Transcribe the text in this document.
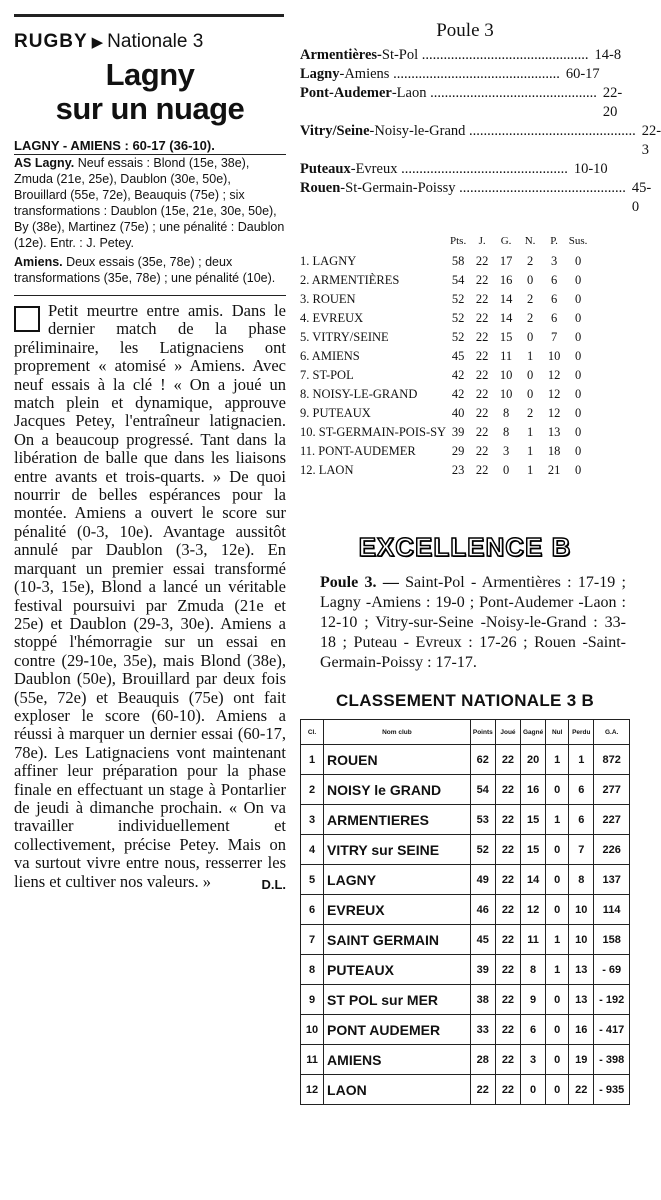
RUGBY ▶ Nationale 3
Lagny
sur un nuage
LAGNY - AMIENS : 60-17 (36-10).

AS Lagny. Neuf essais : Blond (15e, 38e), Zmuda (21e, 25e), Daublon (30e, 50e), Brouillard (55e, 72e), Beauquis (75e) ; six transformations : Daublon (15e, 21e, 30e, 50e), By (38e), Martinez (75e) ; une pénalité : Daublon (12e). Entr. : J. Petey.

Amiens. Deux essais (35e, 78e) ; deux transformations (35e, 78e) ; une pénalité (10e).

Petit meurtre entre amis. Dans le dernier match de la phase préliminaire, les Latignaciens ont proprement « atomisé » Amiens. Avec neuf essais à la clé ! « On a joué un match plein et dynamique, approuve Jacques Petey, l'entraîneur latignacien. On a beaucoup progressé. Tant dans la libération de balle que dans les liaisons entre avants et trois-quarts. » De quoi nourrir de belles espérances pour la montée. Amiens a ouvert le score sur pénalité (0-3, 10e). Avantage aussitôt annulé par Daublon (3-3, 12e). En marquant un premier essai transformé (10-3, 15e), Blond a lancé un véritable festival poursuivi par Zmuda (21e et 25e) et Daublon (29-3, 30e). Amiens a stoppé l'hémorragie sur un essai en contre (29-10e, 35e), mais Blond (38e), Daublon (50e), Brouillard par deux fois (55e, 72e) et Beauquis (75e) ont fait exploser le score (60-10). Amiens a réussi à marquer un dernier essai (60-17, 78e). Les Latignaciens vont maintenant affiner leur préparation pour la phase finale en effectuant un stage à Pontarlier de jeudi à dimanche prochain. « On va travailler individuellement et collectivement, précise Petey. Mais on va surtout vivre entre nous, resserrer les liens et cultiver nos valeurs. »	D.L.
Poule 3
Armentières-St-Pol .............................................. 14-8
Lagny-Amiens .............................................. 60-17
Pont-Audemer-Laon .............................................. 22-20
Vitry/Seine-Noisy-le-Grand .............................................. 22-3
Puteaux-Evreux .............................................. 10-10
Rouen-St-Germain-Poissy .............................................. 45-0
	Pts.	J.	G.	N.	P.	Sus.
1. LAGNY	58	22	17	2	3	0
2. ARMENTIÈRES	54	22	16	0	6	0
3. ROUEN	52	22	14	2	6	0
4. EVREUX	52	22	14	2	6	0
5. VITRY/SEINE	52	22	15	0	7	0
6. AMIENS	45	22	11	1	10	0
7. ST-POL	42	22	10	0	12	0
8. NOISY-LE-GRAND	42	22	10	0	12	0
9. PUTEAUX	40	22	8	2	12	0
10. ST-GERMAIN-POIS-SY	39	22	8	1	13	0
11. PONT-AUDEMER	29	22	3	1	18	0
12. LAON	23	22	0	1	21	0
EXCELLENCE B
Poule 3. — Saint-Pol - Armentières : 17-19 ; Lagny -Amiens : 19-0 ; Pont-Audemer -Laon : 12-10 ; Vitry-sur-Seine -Noisy-le-Grand : 33-18 ; Puteau - Evreux : 17-26 ; Rouen -Saint-Germain-Poissy : 17-17.
CLASSEMENT NATIONALE 3 B
Cl.	Nom club	Points	Joué	Gagné	Nul	Perdu	G.A.
1	ROUEN	62	22	20	1	1	872
2	NOISY le GRAND	54	22	16	0	6	277
3	ARMENTIERES	53	22	15	1	6	227
4	VITRY sur SEINE	52	22	15	0	7	226
5	LAGNY	49	22	14	0	8	137
6	EVREUX	46	22	12	0	10	114
7	SAINT GERMAIN	45	22	11	1	10	158
8	PUTEAUX	39	22	8	1	13	- 69
9	ST POL sur MER	38	22	9	0	13	- 192
10	PONT AUDEMER	33	22	6	0	16	- 417
11	AMIENS	28	22	3	0	19	- 398
12	LAON	22	22	0	0	22	- 935
